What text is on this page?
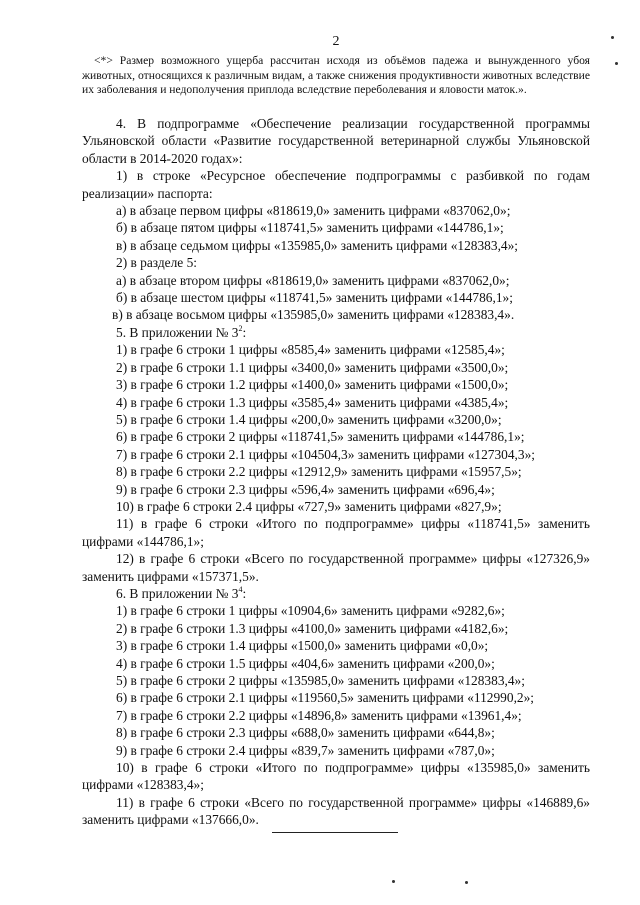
2

<*> Размер возможного ущерба рассчитан исходя из объёмов падежа и вынужденного убоя животных, относящихся к различным видам, а также снижения продуктивности животных вследствие их заболевания и недополучения приплода вследствие переболевания и яловости маток.».

4. В подпрограмме «Обеспечение реализации государственной программы Ульяновской области «Развитие государственной ветеринарной службы Ульяновской области в 2014-2020 годах»:

1) в строке «Ресурсное обеспечение подпрограммы с разбивкой по годам реализации» паспорта:

а) в абзаце первом цифры «818619,0» заменить цифрами «837062,0»;

б) в абзаце пятом цифры «118741,5» заменить цифрами «144786,1»;

в) в абзаце седьмом цифры «135985,0» заменить цифрами «128383,4»;

2) в разделе 5:

а) в абзаце втором цифры «818619,0» заменить цифрами «837062,0»;

б) в абзаце шестом цифры «118741,5» заменить цифрами «144786,1»;

в) в абзаце восьмом цифры «135985,0» заменить цифрами «128383,4».

5. В приложении № $3^2$:

1) в графе 6 строки 1 цифры «8585,4» заменить цифрами «12585,4»;

2) в графе 6 строки 1.1 цифры «3400,0» заменить цифрами «3500,0»;

3) в графе 6 строки 1.2 цифры «1400,0» заменить цифрами «1500,0»;

4) в графе 6 строки 1.3 цифры «3585,4» заменить цифрами «4385,4»;

5) в графе 6 строки 1.4 цифры «200,0» заменить цифрами «3200,0»;

6) в графе 6 строки 2 цифры «118741,5» заменить цифрами «144786,1»;

7) в графе 6 строки 2.1 цифры «104504,3» заменить цифрами «127304,3»;

8) в графе 6 строки 2.2 цифры «12912,9» заменить цифрами «15957,5»;

9) в графе 6 строки 2.3 цифры «596,4» заменить цифрами «696,4»;

10) в графе 6 строки 2.4 цифры «727,9» заменить цифрами «827,9»;

11) в графе 6 строки «Итого по подпрограмме» цифры «118741,5» заменить цифрами «144786,1»;

12) в графе 6 строки «Всего по государственной программе» цифры «127326,9» заменить цифрами «157371,5».

6. В приложении № $3^4$:

1) в графе 6 строки 1 цифры «10904,6» заменить цифрами «9282,6»;

2) в графе 6 строки 1.3 цифры «4100,0» заменить цифрами «4182,6»;

3) в графе 6 строки 1.4 цифры «1500,0» заменить цифрами «0,0»;

4) в графе 6 строки 1.5 цифры «404,6» заменить цифрами «200,0»;

5) в графе 6 строки 2 цифры «135985,0» заменить цифрами «128383,4»;

6) в графе 6 строки 2.1 цифры «119560,5» заменить цифрами «112990,2»;

7) в графе 6 строки 2.2 цифры «14896,8» заменить цифрами «13961,4»;

8) в графе 6 строки 2.3 цифры «688,0» заменить цифрами «644,8»;

9) в графе 6 строки 2.4 цифры «839,7» заменить цифрами «787,0»;

10) в графе 6 строки «Итого по подпрограмме» цифры «135985,0» заменить цифрами «128383,4»;

11) в графе 6 строки «Всего по государственной программе» цифры «146889,6» заменить цифрами «137666,0».
